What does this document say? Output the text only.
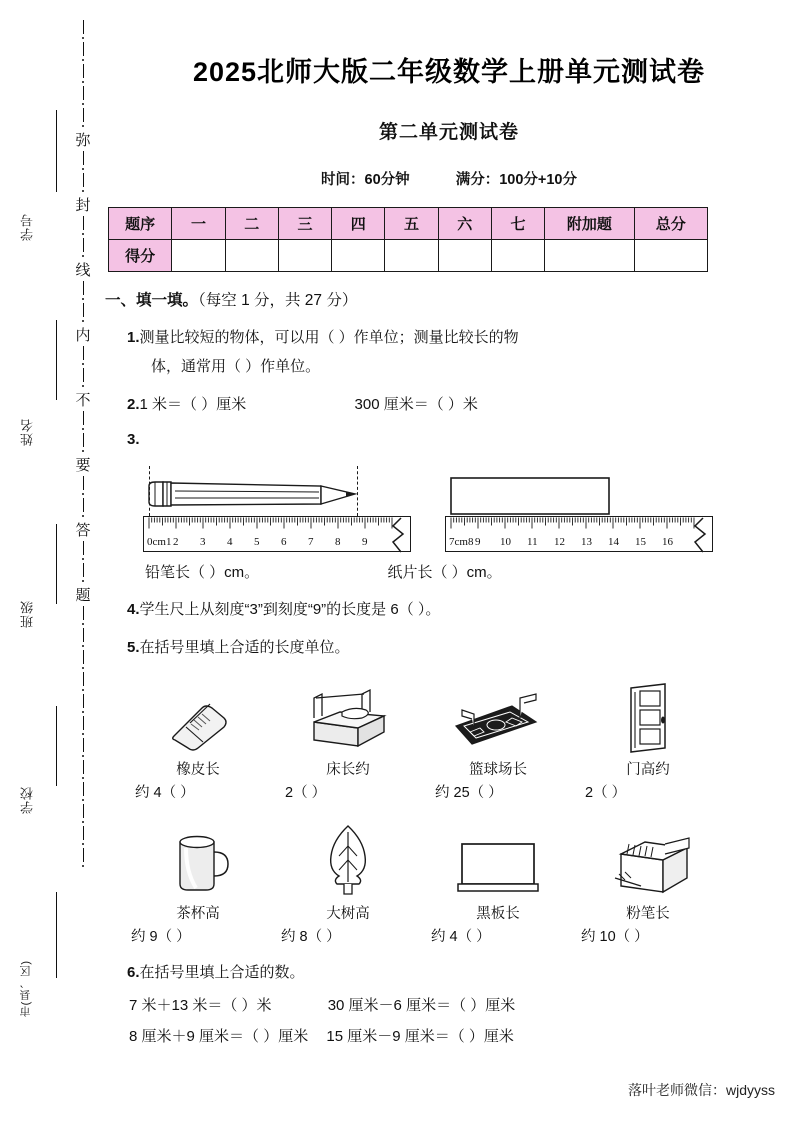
学号
姓名
班级
学校
市(县、区)
弥
封
线
内
不
要
答
题
2025北师大版二年级数学上册单元测试卷
第二单元测试卷
时间：60分钟	满分：100分+10分
题序	一	二	三	四	五	六	七	附加题	总分
得分									
一、填一填。（每空 1 分，共 27 分）
1.测量比较短的物体，可以用（ ）作单位；测量比较长的物
体，通常用（ ）作单位。
2.1 米＝（ ）厘米	300 厘米＝（ ）米
3.
0cm1 2 3 4 5 6 7 8 9	7cm8 9 10 11 12 13 14 15 16
铅笔长（ ）cm。	纸片长（ ）cm。
4.学生尺上从刻度“3”到刻度“9”的长度是 6（ ）。
5.在括号里填上合适的长度单位。
橡皮长
约 4（ ）
床长约
2（ ）
篮球场长
约 25（ ）
门高约
2（ ）
茶杯高
约 9（ ）
大树高
约 8（ ）
黑板长
约 4（ ）
粉笔长
约 10（ ）
6.在括号里填上合适的数。
7 米＋13 米＝（ ）米	30 厘米－6 厘米＝（ ）厘米
8 厘米＋9 厘米＝（ ）厘米 15 厘米－9 厘米＝（ ）厘米
落叶老师微信：wjdyyss
